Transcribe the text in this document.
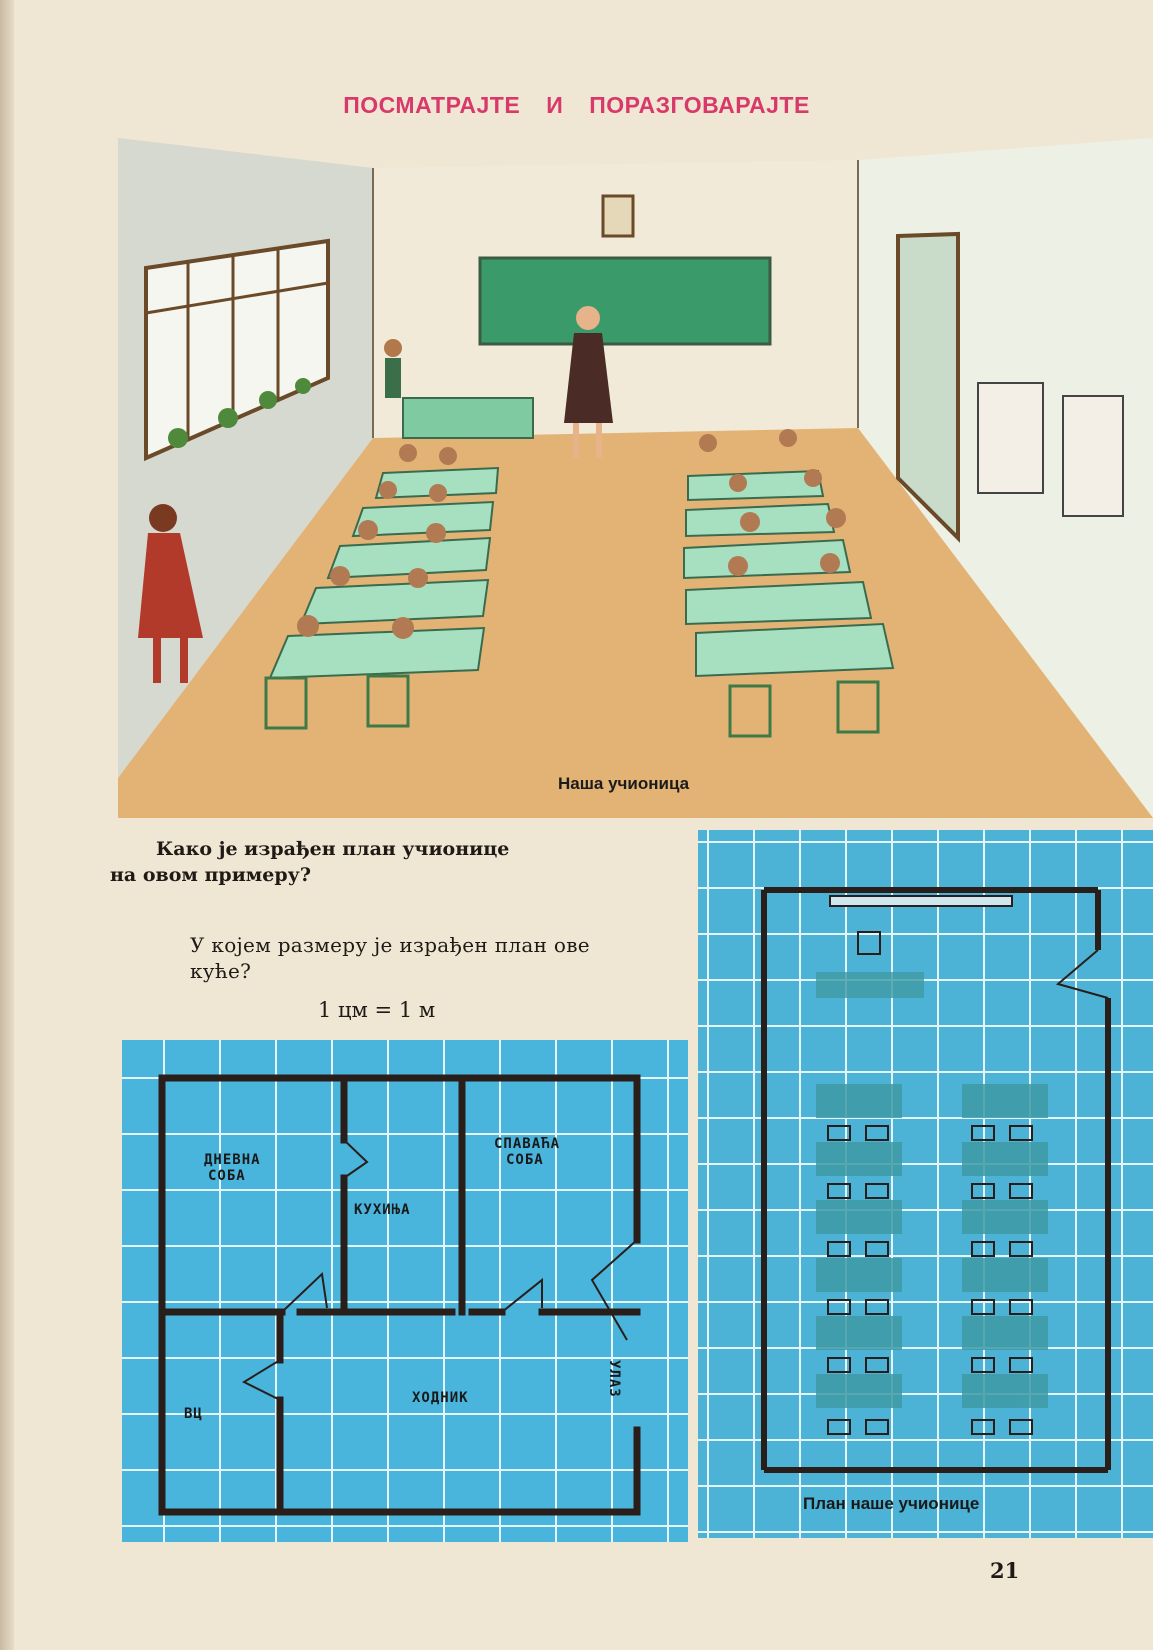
ПОСМАТРАЈТЕ И ПОРАЗГОВАРАЈТЕ
Наша учионица
Како је израђен план учионице
на овом примеру?
У којем размеру је израђен план ове куће?
1 цм = 1 м
ДНЕВНА
СОБА
КУХИЊА
СПАВАЋА
СОБА
ХОДНИК
ВЦ
УЛАЗ
План наше учионице
21
